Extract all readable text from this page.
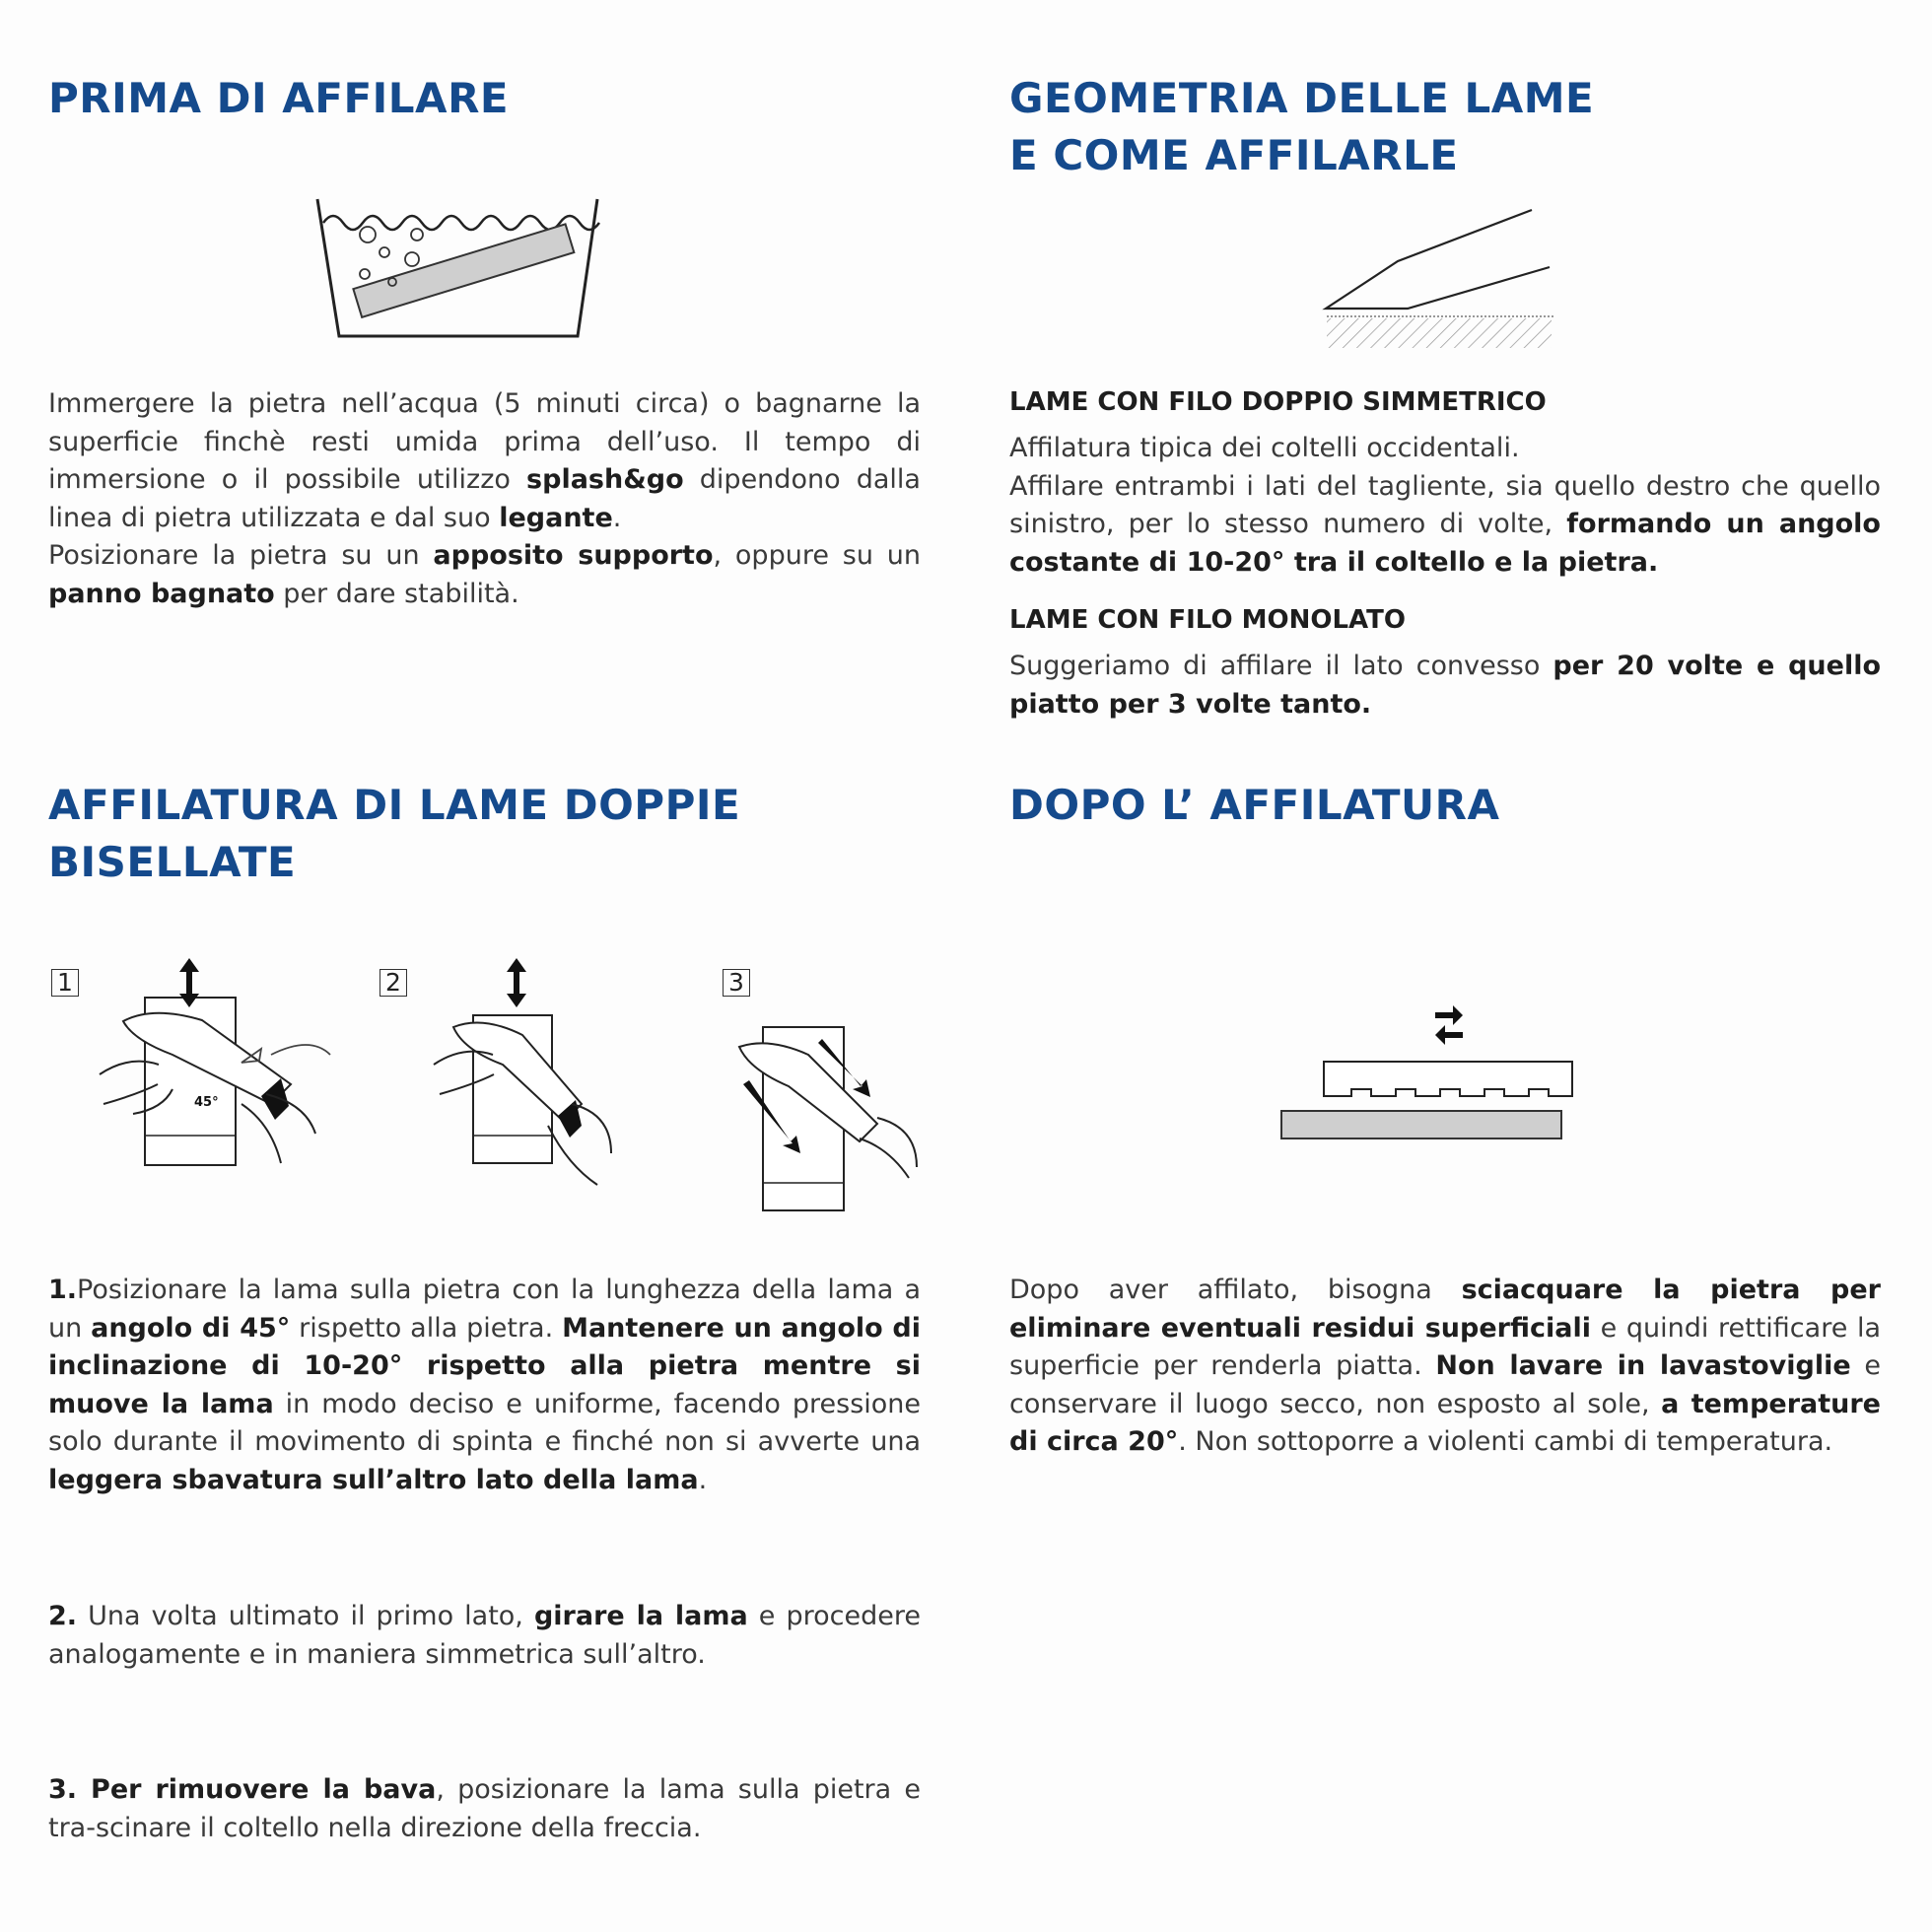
PRIMA DI AFFILARE
Immergere la pietra nell’acqua (5 minuti circa) o bagnarne la superficie finchè resti umida prima dell’uso. Il tempo di immersione o il possibile utilizzo splash&go dipendono dalla linea di pietra utilizzata e dal suo legante.
Posizionare la pietra su un apposito supporto, oppure su un panno bagnato per dare stabilità.
GEOMETRIA DELLE LAME
E COME AFFILARLE
LAME CON FILO DOPPIO SIMMETRICO
Affilatura tipica dei coltelli occidentali.
Affilare entrambi i lati del tagliente, sia quello destro che quello sinistro, per lo stesso numero di volte, formando un angolo costante di 10-20° tra il coltello e la pietra.
LAME CON FILO MONOLATO
Suggeriamo di affilare il lato convesso per 20 volte e quello piatto per 3 volte tanto.
AFFILATURA DI LAME DOPPIE
BISELLATE
1	2	3
45°
1.Posizionare la lama sulla pietra con la lunghezza della lama a un angolo di 45° rispetto alla pietra. Mantenere un angolo di inclinazione di 10-20° rispetto alla pietra mentre si muove la lama in modo deciso e uniforme, facendo pressione solo durante il movimento di spinta e finché non si avverte una leggera sbavatura sull’altro lato della lama.
2. Una volta ultimato il primo lato, girare la lama e procedere analogamente e in maniera simmetrica sull’altro.
3. Per rimuovere la bava, posizionare la lama sulla pietra e tra-scinare il coltello nella direzione della freccia.
DOPO L’ AFFILATURA
Dopo aver affilato, bisogna sciacquare la pietra per eliminare eventuali residui superficiali e quindi rettificare la superficie per renderla piatta. Non lavare in lavastoviglie e conservare il luogo secco, non esposto al sole, a temperature di circa 20°. Non sottoporre a violenti cambi di temperatura.
